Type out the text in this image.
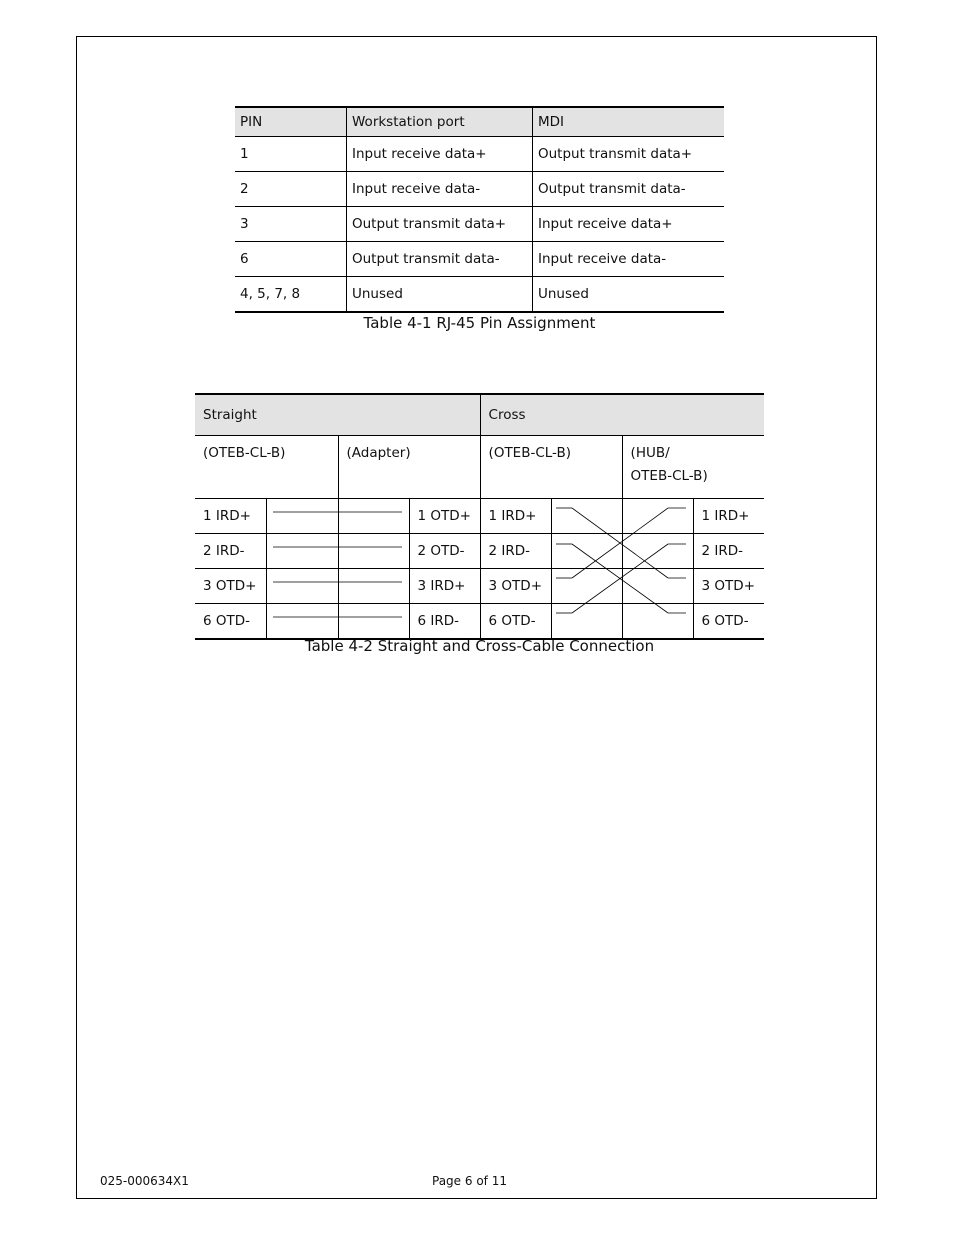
PIN	Workstation port	MDI
1	Input receive data+	Output transmit data+
2	Input receive data-	Output transmit data-
3	Output transmit data+	Input receive data+
6	Output transmit data-	Input receive data-
4, 5, 7, 8	Unused	Unused
Table 4-1 RJ-45 Pin Assignment
Straight				Cross			
(OTEB-CL-B)		(Adapter)		(OTEB-CL-B)		(HUB/
OTEB-CL-B)	

1 IRD+			1 OTD+	1 IRD+			1 IRD+
2 IRD-			2 OTD-	2 IRD-			2 IRD-
3 OTD+			3 IRD+	3 OTD+			3 OTD+
6 OTD-			6 IRD-	6 OTD-			6 OTD-
Table 4-2 Straight and Cross-Cable Connection
025-000634X1	Page 6 of 11
